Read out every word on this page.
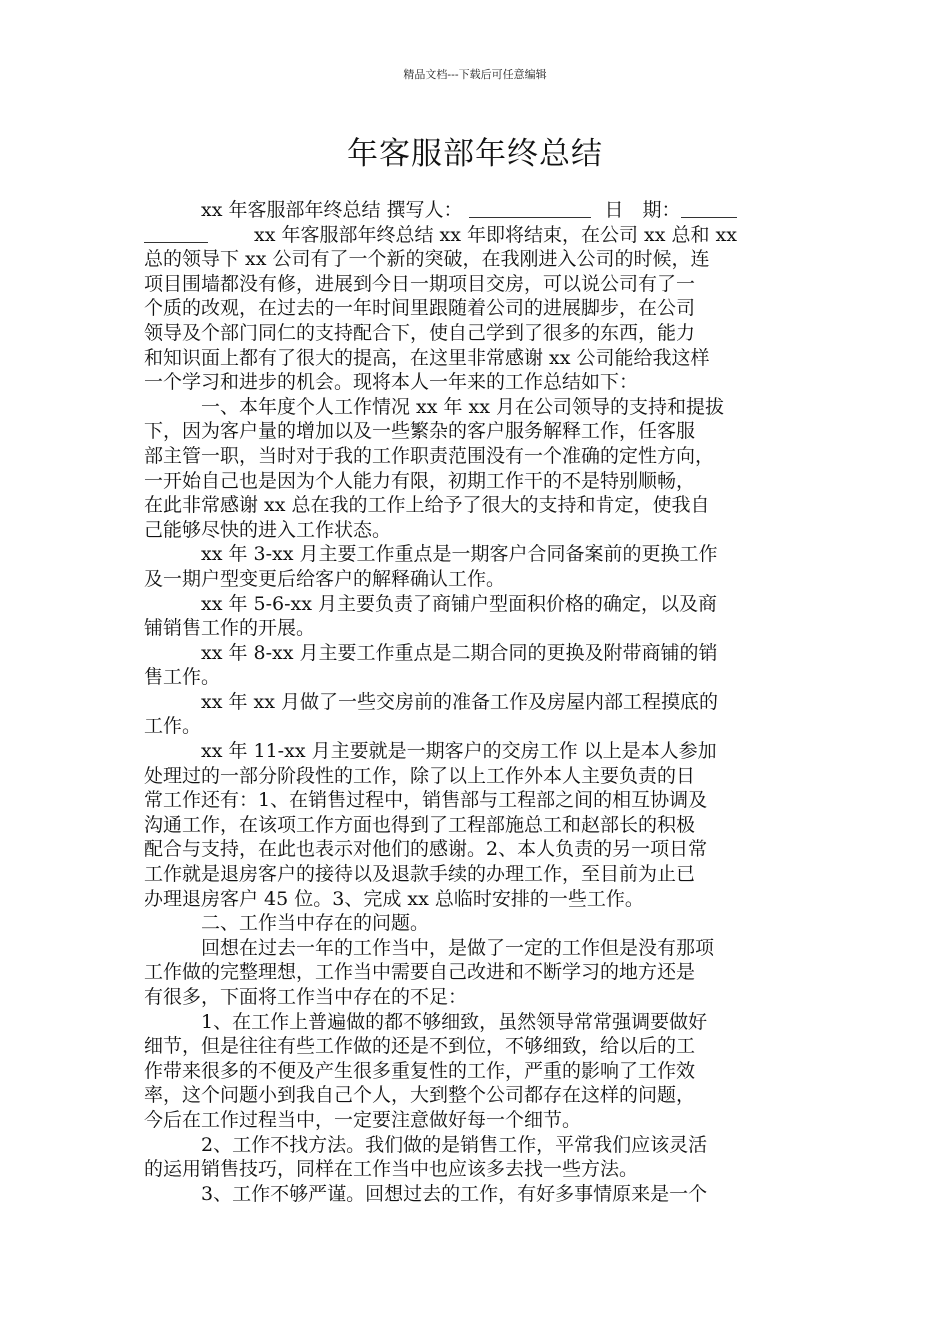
精品文档---下载后可任意编辑
年客服部年终总结
xx 年客服部年终总结 撰写人：	日　期：
xx 年客服部年终总结 xx 年即将结束，在公司 xx 总和 xx
总的领导下 xx 公司有了一个新的突破，在我刚进入公司的时候，连
项目围墙都没有修，进展到今日一期项目交房，可以说公司有了一
个质的改观，在过去的一年时间里跟随着公司的进展脚步，在公司
领导及个部门同仁的支持配合下，使自己学到了很多的东西，能力
和知识面上都有了很大的提高，在这里非常感谢 xx 公司能给我这样
一个学习和进步的机会。现将本人一年来的工作总结如下：
一、本年度个人工作情况 xx 年 xx 月在公司领导的支持和提拔
下，因为客户量的增加以及一些繁杂的客户服务解释工作，任客服
部主管一职，当时对于我的工作职责范围没有一个准确的定性方向，
一开始自己也是因为个人能力有限，初期工作干的不是特别顺畅，
在此非常感谢 xx 总在我的工作上给予了很大的支持和肯定，使我自
己能够尽快的进入工作状态。
xx 年 3-xx 月主要工作重点是一期客户合同备案前的更换工作
及一期户型变更后给客户的解释确认工作。
xx 年 5-6-xx 月主要负责了商铺户型面积价格的确定，以及商
铺销售工作的开展。
xx 年 8-xx 月主要工作重点是二期合同的更换及附带商铺的销
售工作。
xx 年 xx 月做了一些交房前的准备工作及房屋内部工程摸底的
工作。
xx 年 11-xx 月主要就是一期客户的交房工作 以上是本人参加
处理过的一部分阶段性的工作，除了以上工作外本人主要负责的日
常工作还有：1、在销售过程中，销售部与工程部之间的相互协调及
沟通工作，在该项工作方面也得到了工程部施总工和赵部长的积极
配合与支持，在此也表示对他们的感谢。2、本人负责的另一项日常
工作就是退房客户的接待以及退款手续的办理工作，至目前为止已
办理退房客户 45 位。3、完成 xx 总临时安排的一些工作。
二、工作当中存在的问题。
回想在过去一年的工作当中，是做了一定的工作但是没有那项
工作做的完整理想，工作当中需要自己改进和不断学习的地方还是
有很多，下面将工作当中存在的不足：
1、在工作上普遍做的都不够细致，虽然领导常常强调要做好
细节，但是往往有些工作做的还是不到位，不够细致，给以后的工
作带来很多的不便及产生很多重复性的工作，严重的影响了工作效
率，这个问题小到我自己个人，大到整个公司都存在这样的问题，
今后在工作过程当中，一定要注意做好每一个细节。
2、工作不找方法。我们做的是销售工作，平常我们应该灵活
的运用销售技巧，同样在工作当中也应该多去找一些方法。
3、工作不够严谨。回想过去的工作，有好多事情原来是一个
